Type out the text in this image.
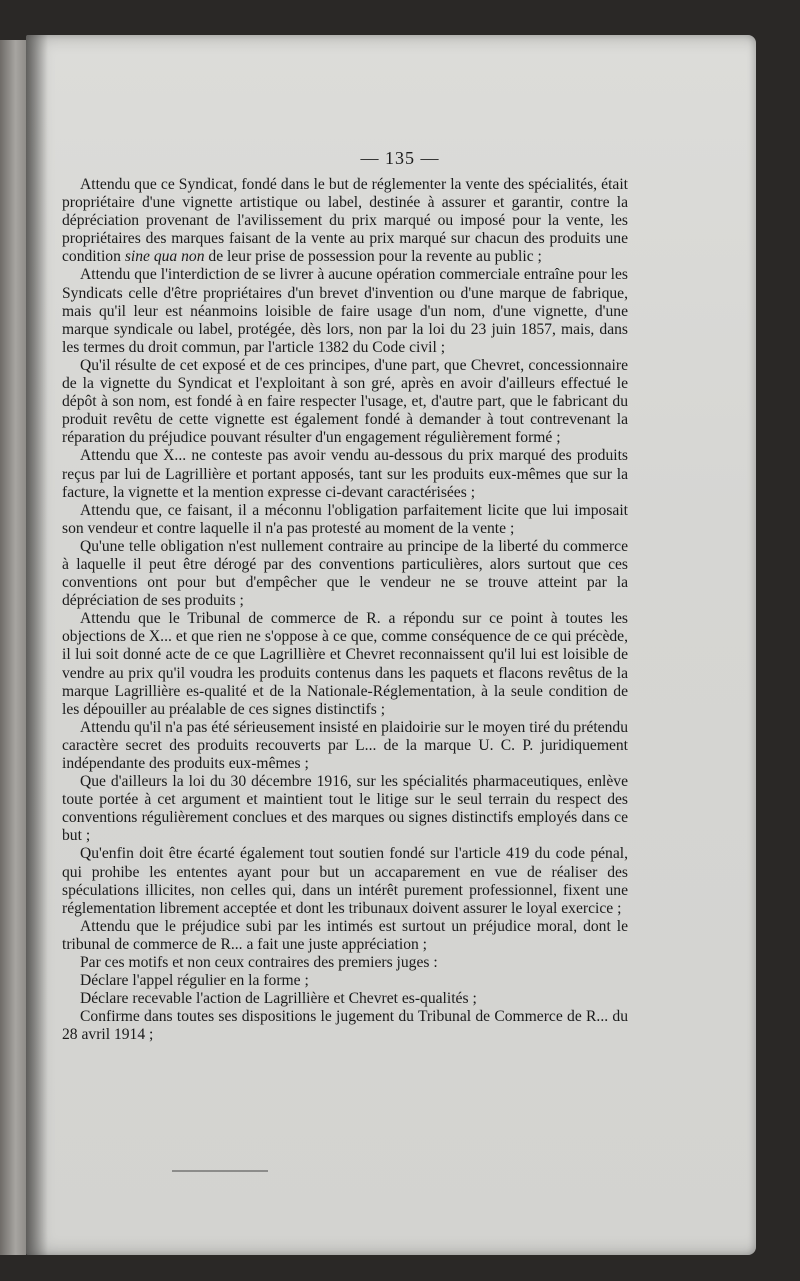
— 135 —

Attendu que ce Syndicat, fondé dans le but de réglementer la vente des spécialités, était propriétaire d'une vignette artistique ou label, destinée à assurer et garantir, contre la dépréciation provenant de l'avilissement du prix marqué ou imposé pour la vente, les propriétaires des marques faisant de la vente au prix marqué sur chacun des produits une condition sine qua non de leur prise de possession pour la revente au public ;

Attendu que l'interdiction de se livrer à aucune opération commerciale entraîne pour les Syndicats celle d'être propriétaires d'un brevet d'invention ou d'une marque de fabrique, mais qu'il leur est néanmoins loisible de faire usage d'un nom, d'une vignette, d'une marque syndicale ou label, protégée, dès lors, non par la loi du 23 juin 1857, mais, dans les termes du droit commun, par l'article 1382 du Code civil ;

Qu'il résulte de cet exposé et de ces principes, d'une part, que Chevret, concessionnaire de la vignette du Syndicat et l'exploitant à son gré, après en avoir d'ailleurs effectué le dépôt à son nom, est fondé à en faire respecter l'usage, et, d'autre part, que le fabricant du produit revêtu de cette vignette est également fondé à demander à tout contrevenant la réparation du préjudice pouvant résulter d'un engagement régulièrement formé ;

Attendu que X... ne conteste pas avoir vendu au-dessous du prix marqué des produits reçus par lui de Lagrillière et portant apposés, tant sur les produits eux-mêmes que sur la facture, la vignette et la mention expresse ci-devant caractérisées ;

Attendu que, ce faisant, il a méconnu l'obligation parfaitement licite que lui imposait son vendeur et contre laquelle il n'a pas protesté au moment de la vente ;

Qu'une telle obligation n'est nullement contraire au principe de la liberté du commerce à laquelle il peut être dérogé par des conventions particulières, alors surtout que ces conventions ont pour but d'empêcher que le vendeur ne se trouve atteint par la dépréciation de ses produits ;

Attendu que le Tribunal de commerce de R. a répondu sur ce point à toutes les objections de X... et que rien ne s'oppose à ce que, comme conséquence de ce qui précède, il lui soit donné acte de ce que Lagrillière et Chevret reconnaissent qu'il lui est loisible de vendre au prix qu'il voudra les produits contenus dans les paquets et flacons revêtus de la marque Lagrillière es-qualité et de la Nationale-Réglementation, à la seule condition de les dépouiller au préalable de ces signes distinctifs ;

Attendu qu'il n'a pas été sérieusement insisté en plaidoirie sur le moyen tiré du prétendu caractère secret des produits recouverts par L... de la marque U. C. P. juridiquement indépendante des produits eux-mêmes ;

Que d'ailleurs la loi du 30 décembre 1916, sur les spécialités pharmaceutiques, enlève toute portée à cet argument et maintient tout le litige sur le seul terrain du respect des conventions régulièrement conclues et des marques ou signes distinctifs employés dans ce but ;

Qu'enfin doit être écarté également tout soutien fondé sur l'article 419 du code pénal, qui prohibe les ententes ayant pour but un accaparement en vue de réaliser des spéculations illicites, non celles qui, dans un intérêt purement professionnel, fixent une réglementation librement acceptée et dont les tribunaux doivent assurer le loyal exercice ;

Attendu que le préjudice subi par les intimés est surtout un préjudice moral, dont le tribunal de commerce de R... a fait une juste appréciation ;

Par ces motifs et non ceux contraires des premiers juges :

Déclare l'appel régulier en la forme ;

Déclare recevable l'action de Lagrillière et Chevret es-qualités ;

Confirme dans toutes ses dispositions le jugement du Tribunal de Commerce de R... du 28 avril 1914 ;
